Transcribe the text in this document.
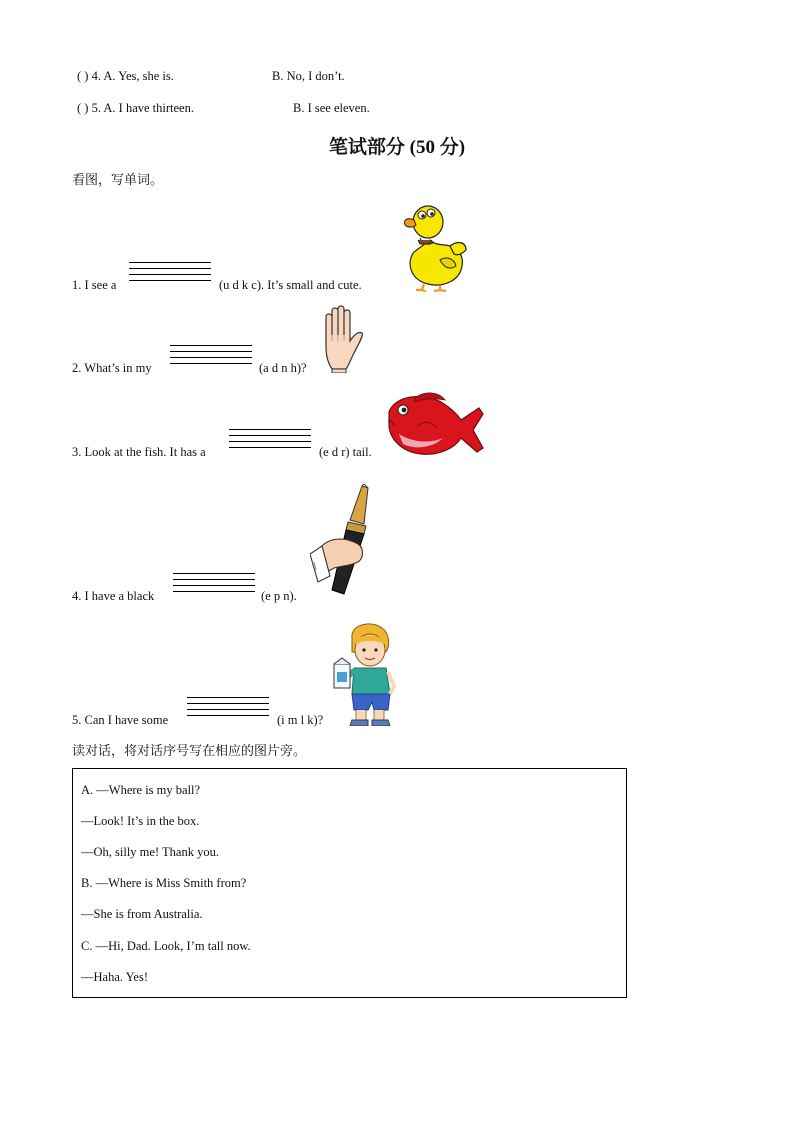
( ) 4. A. Yes, she is.	B. No, I don’t.
( ) 5. A. I have thirteen.	B. I see eleven.
笔试部分 (50 分)
看图，写单词。
1. I see a	(u d k c). It’s small and cute.
2. What’s in my	(a d n h)?
3. Look at the fish. It has a	(e d r) tail.
4. I have a black	(e p n).
5. Can I have some	(i m l k)?
读对话，将对话序号写在相应的图片旁。
A. —Where is my ball?
—Look! It’s in the box.
—Oh, silly me! Thank you.
B. —Where is Miss Smith from?
—She is from Australia.
C. —Hi, Dad. Look, I’m tall now.
—Haha. Yes!
